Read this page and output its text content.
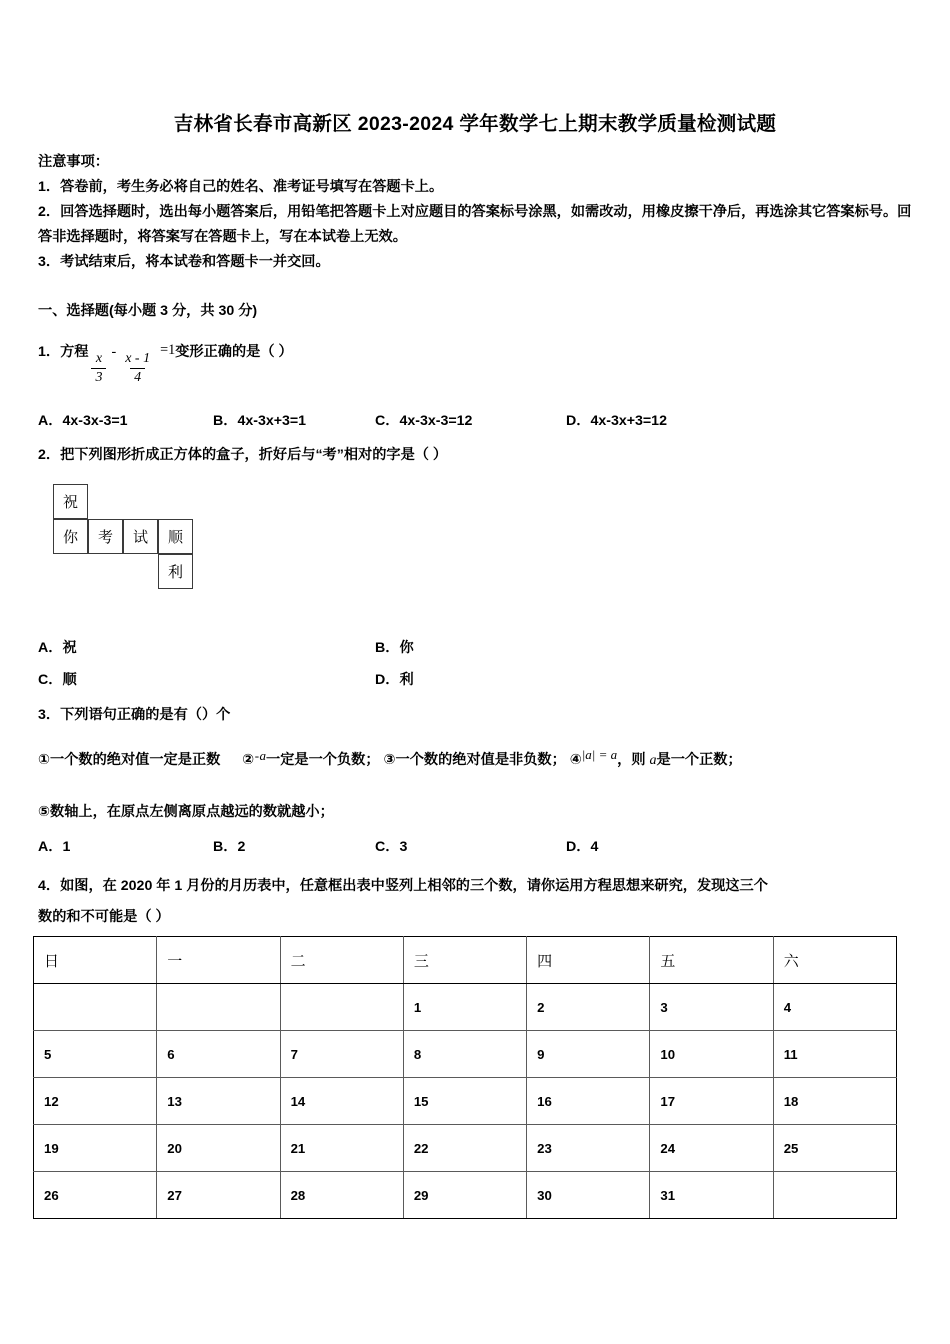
吉林省长春市高新区 2023-2024 学年数学七上期末教学质量检测试题
注意事项：
1．答卷前，考生务必将自己的姓名、准考证号填写在答题卡上。
2．回答选择题时，选出每小题答案后，用铅笔把答题卡上对应题目的答案标号涂黑，如需改动，用橡皮擦干净后，再选涂其它答案标号。回答非选择题时，将答案写在答题卡上，写在本试卷上无效。
3．考试结束后，将本试卷和答题卡一并交回。
一、选择题(每小题 3 分，共 30 分)
1． 方程 $\frac{x}{3} - \frac{x - 1}{4}$
=1 变形正确的是（ ）
A．4x-3x-3=1	B．4x-3x+3=1	C．4x-3x-3=12	D．4x-3x+3=12
2．把下列图形折成正方体的盒子，折好后与“考”相对的字是（ ）
祝
你	考	试	顺
利
A．祝	B．你
C．顺	D．利
3．下列语句正确的是有（）个
①一个数的绝对值一定是正数 ② - a 一定是一个负数； ③一个数的绝对值是非负数； ④|a| = a，则 a是一个正数；
⑤数轴上，在原点左侧离原点越远的数就越小；
A．1	B．2	C．3	D．4
4．如图，在 2020 年 1 月份的月历表中，任意框出表中竖列上相邻的三个数，请你运用方程思想来研究，发现这三个
数的和不可能是（ ）
日	一	二	三	四	五	六
			1	2	3	4
5	6	7	8	9	10	11
12	13	14	15	16	17	18
19	20	21	22	23	24	25
26	27	28	29	30	31	
